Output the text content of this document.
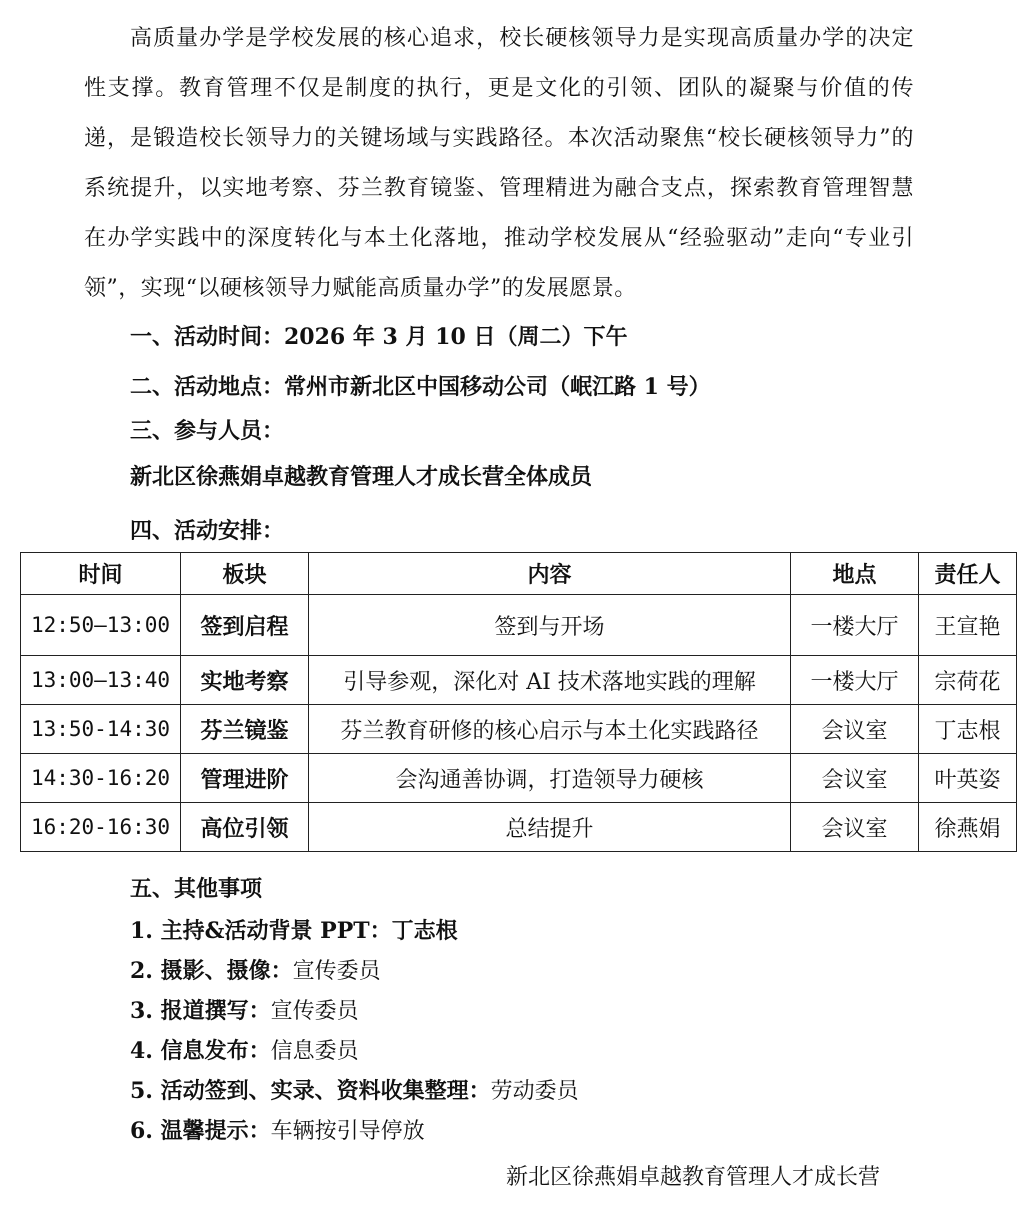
高质量办学是学校发展的核心追求，校长硬核领导力是实现高质量办学的决定性支撑。教育管理不仅是制度的执行，更是文化的引领、团队的凝聚与价值的传递，是锻造校长领导力的关键场域与实践路径。本次活动聚焦“校长硬核领导力”的系统提升，以实地考察、芬兰教育镜鉴、管理精进为融合支点，探索教育管理智慧在办学实践中的深度转化与本土化落地，推动学校发展从“经验驱动”走向“专业引领”，实现“以硬核领导力赋能高质量办学”的发展愿景。

一、活动时间：2026 年 3 月 10 日（周二）下午

二、活动地点：常州市新北区中国移动公司（岷江路 1 号）

三、参与人员：

新北区徐燕娟卓越教育管理人才成长营全体成员

四、活动安排：

时间	板块	内容	地点	责任人
12:50—13:00	签到启程	签到与开场	一楼大厅	王宣艳
13:00—13:40	实地考察	引导参观，深化对 AI 技术落地实践的理解	一楼大厅	宗荷花
13:50-14:30	芬兰镜鉴	芬兰教育研修的核心启示与本土化实践路径	会议室	丁志根
14:30-16:20	管理进阶	会沟通善协调，打造领导力硬核	会议室	叶英姿
16:20-16:30	高位引领	总结提升	会议室	徐燕娟

五、其他事项

1. 主持&活动背景 PPT：丁志根

2. 摄影、摄像：宣传委员

3. 报道撰写：宣传委员

4. 信息发布：信息委员

5. 活动签到、实录、资料收集整理：劳动委员

6. 温馨提示：车辆按引导停放

新北区徐燕娟卓越教育管理人才成长营
